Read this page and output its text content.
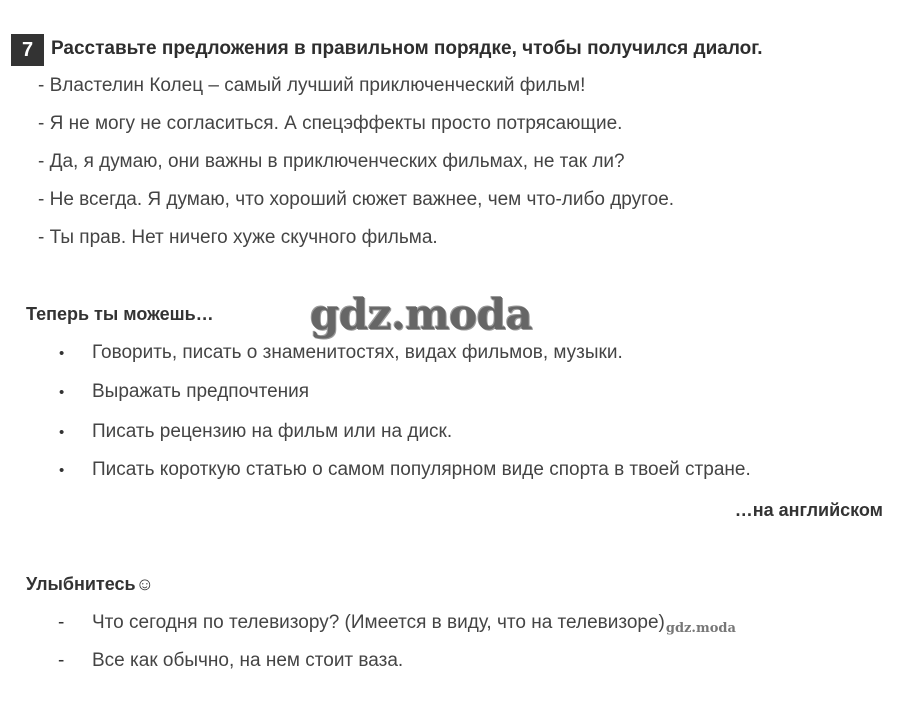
7 Расставьте предложения в правильном порядке, чтобы получился диалог.
- Властелин Колец – самый лучший приключенческий фильм!
- Я не могу не согласиться. А спецэффекты просто потрясающие.
- Да, я думаю, они важны в приключенческих фильмах, не так ли?
- Не всегда. Я думаю, что хороший сюжет важнее, чем что-либо другое.
- Ты прав. Нет ничего хуже скучного фильма.
Теперь ты можешь… gdz.moda
• Говорить, писать о знаменитостях, видах фильмов, музыки.
• Выражать предпочтения
• Писать рецензию на фильм или на диск.
• Писать короткую статью о самом популярном виде спорта в твоей стране.
…на английском
Улыбнитесь☺
- Что сегодня по телевизору? (Имеется в виду, что на $телевизоре)_{gdz.moda}$
- Все как обычно, на нем стоит ваза.
